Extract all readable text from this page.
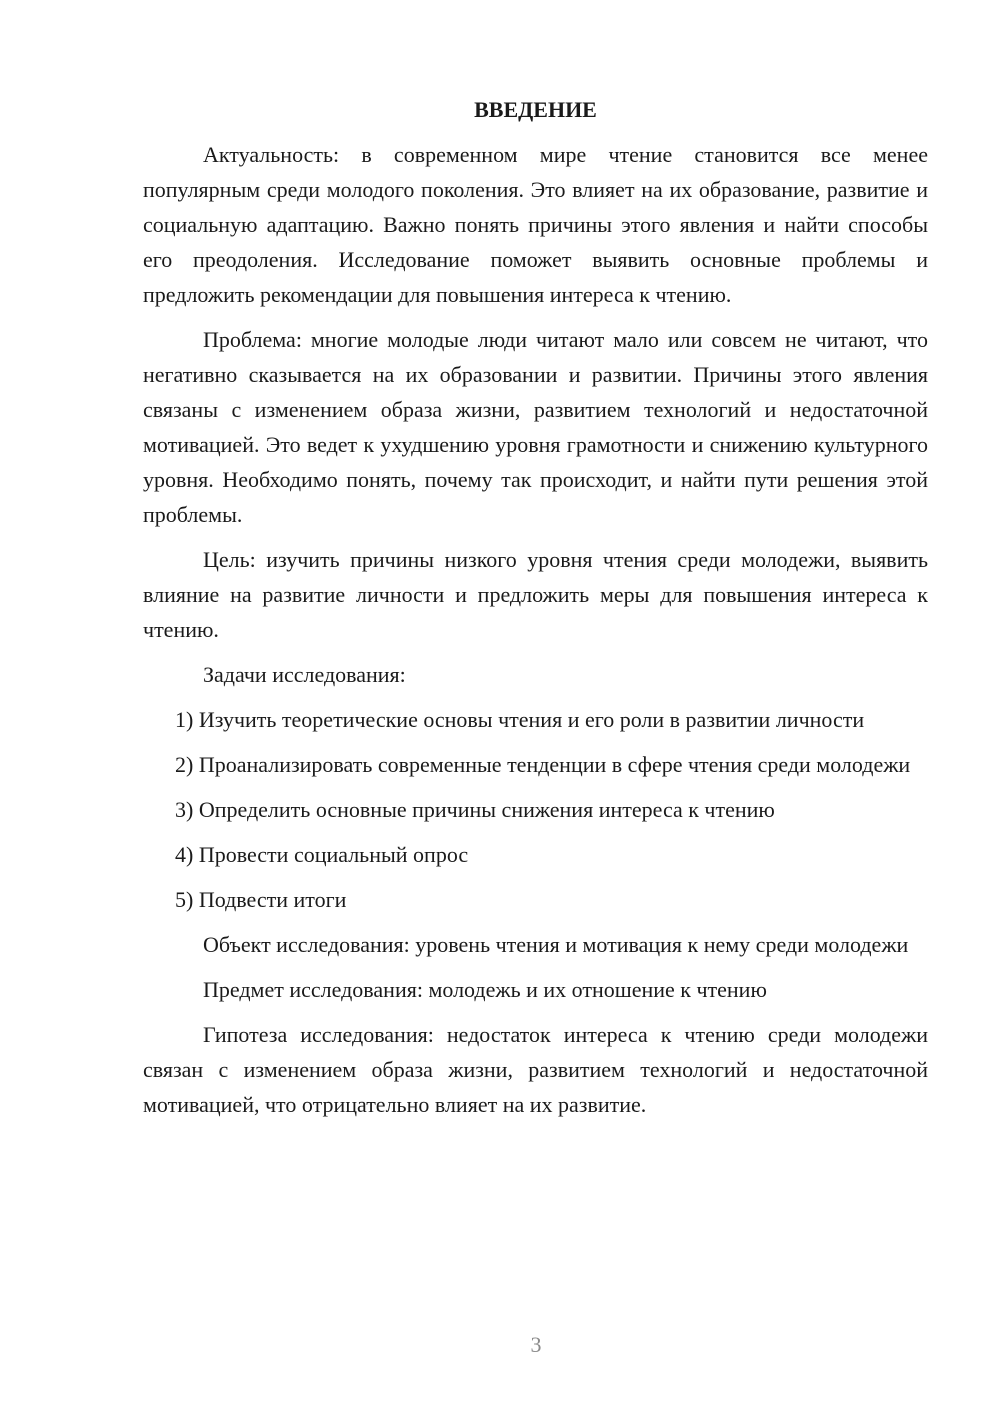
ВВЕДЕНИЕ

Актуальность: в современном мире чтение становится все менее популярным среди молодого поколения. Это влияет на их образование, развитие и социальную адаптацию. Важно понять причины этого явления и найти способы его преодоления. Исследование поможет выявить основные проблемы и предложить рекомендации для повышения интереса к чтению.

Проблема: многие молодые люди читают мало или совсем не читают, что негативно сказывается на их образовании и развитии. Причины этого явления связаны с изменением образа жизни, развитием технологий и недостаточной мотивацией. Это ведет к ухудшению уровня грамотности и снижению культурного уровня. Необходимо понять, почему так происходит, и найти пути решения этой проблемы.

Цель: изучить причины низкого уровня чтения среди молодежи, выявить влияние на развитие личности и предложить меры для повышения интереса к чтению.

Задачи исследования:

1) Изучить теоретические основы чтения и его роли в развитии личности

2) Проанализировать современные тенденции в сфере чтения среди молодежи

3) Определить основные причины снижения интереса к чтению

4) Провести социальный опрос

5) Подвести итоги

Объект исследования: уровень чтения и мотивация к нему среди молодежи

Предмет исследования: молодежь и их отношение к чтению

Гипотеза исследования: недостаток интереса к чтению среди молодежи связан с изменением образа жизни, развитием технологий и недостаточной мотивацией, что отрицательно влияет на их развитие.

3
